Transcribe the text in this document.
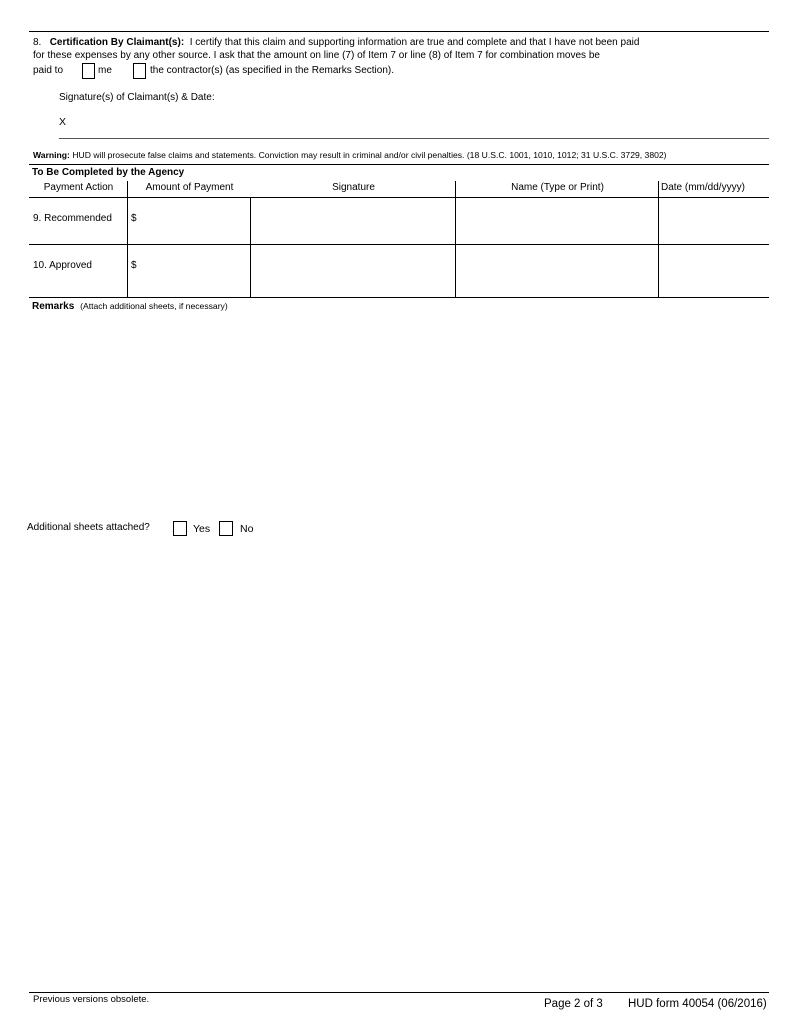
8. Certification By Claimant(s): I certify that this claim and supporting information are true and complete and that I have not been paid
for these expenses by any other source. I ask that the amount on line (7) of Item 7 or line (8) of Item 7 for combination moves be
paid to	me	the contractor(s) (as specified in the Remarks Section).
Signature(s) of Claimant(s) & Date:
X
Warning: HUD will prosecute false claims and statements. Conviction may result in criminal and/or civil penalties. (18 U.S.C. 1001, 1010, 1012; 31 U.S.C. 3729, 3802)
To Be Completed by the Agency
Payment Action	Amount of Payment	Signature	Name (Type or Print)	Date (mm/dd/yyyy)
9. Recommended $
10. Approved	$
Remarks (Attach additional sheets, if necessary)
Additional sheets attached?	Yes	No
Previous versions obsolete.	Page 2 of 3 HUD form 40054 (06/2016)
